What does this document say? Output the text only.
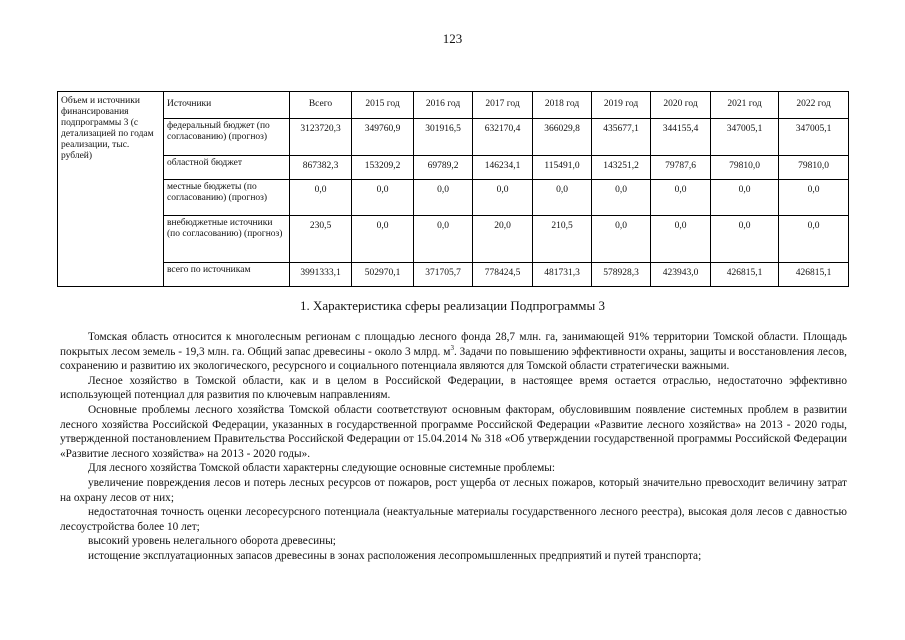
123
Объем и источники финансирования подпрограммы 3 (с детализацией по годам реализации, тыс. рублей)	Источники	Всего	2015 год	2016 год	2017 год	2018 год	2019 год	2020 год	2021 год	2022 год
	федеральный бюджет (по согласованию) (прогноз)	3123720,3	349760,9	301916,5	632170,4	366029,8	435677,1	344155,4	347005,1	347005,1
	областной бюджет	867382,3	153209,2	69789,2	146234,1	115491,0	143251,2	79787,6	79810,0	79810,0
	местные бюджеты (по согласованию) (прогноз)	0,0	0,0	0,0	0,0	0,0	0,0	0,0	0,0	0,0
	внебюджетные источники (по согласованию) (прогноз)	230,5	0,0	0,0	20,0	210,5	0,0	0,0	0,0	0,0
	всего по источникам	3991333,1	502970,1	371705,7	778424,5	481731,3	578928,3	423943,0	426815,1	426815,1
1. Характеристика сферы реализации Подпрограммы 3

Томская область относится к многолесным регионам с площадью лесного фонда 28,7 млн. га, занимающей 91% территории Томской области. Площадь покрытых лесом земель - 19,3 млн. га. Общий запас древесины - около 3 млрд. $м^3$. Задачи по повышению эффективности охраны, защиты и восстановления лесов, сохранению и развитию их экологического, ресурсного и социального потенциала являются для Томской области стратегически важными.

Лесное хозяйство в Томской области, как и в целом в Российской Федерации, в настоящее время остается отраслью, недостаточно эффективно использующей потенциал для развития по ключевым направлениям.

Основные проблемы лесного хозяйства Томской области соответствуют основным факторам, обусловившим появление системных проблем в развитии лесного хозяйства Российской Федерации, указанных в государственной программе Российской Федерации «Развитие лесного хозяйства» на 2013 - 2020 годы, утвержденной постановлением Правительства Российской Федерации от 15.04.2014 № 318 «Об утверждении государственной программы Российской Федерации «Развитие лесного хозяйства» на 2013 - 2020 годы».

Для лесного хозяйства Томской области характерны следующие основные системные проблемы:

увеличение повреждения лесов и потерь лесных ресурсов от пожаров, рост ущерба от лесных пожаров, который значительно превосходит величину затрат на охрану лесов от них;

недостаточная точность оценки лесоресурсного потенциала (неактуальные материалы государственного лесного реестра), высокая доля лесов с давностью лесоустройства более 10 лет;

высокий уровень нелегального оборота древесины;

истощение эксплуатационных запасов древесины в зонах расположения лесопромышленных предприятий и путей транспорта;
